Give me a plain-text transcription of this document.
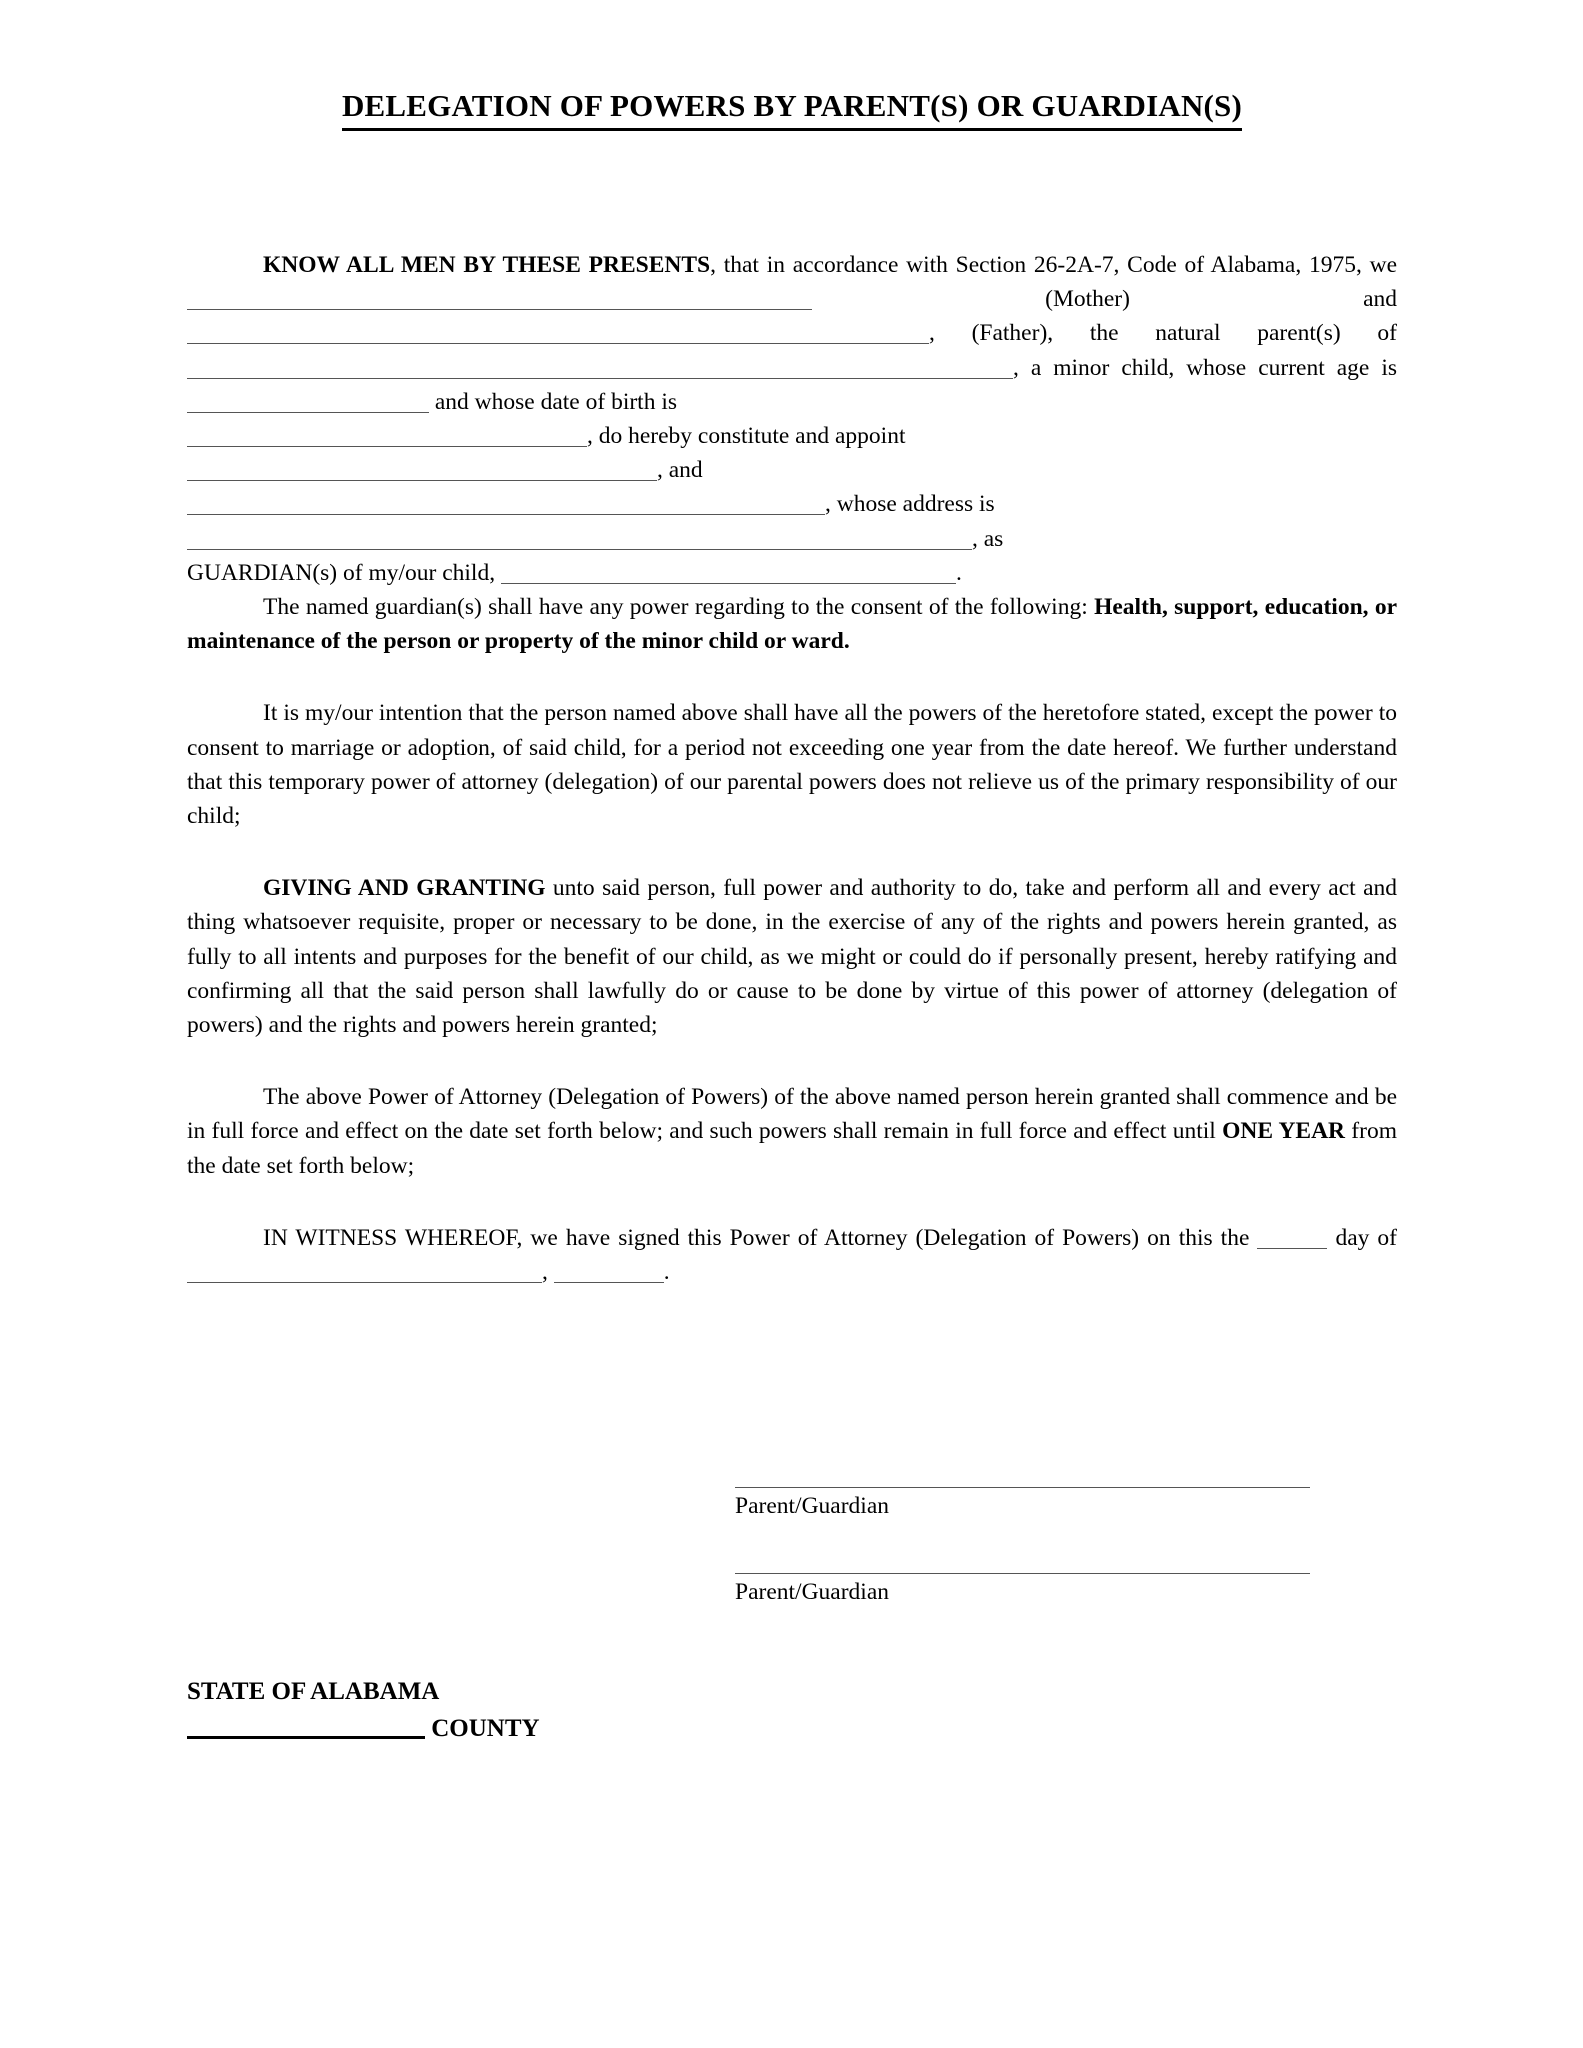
DELEGATION OF POWERS BY PARENT(S) OR GUARDIAN(S)

KNOW ALL MEN BY THESE PRESENTS, that in accordance with Section 26-2A-7, Code of Alabama, 1975, we  (Mother) and , (Father), the natural parent(s) of , a minor child, whose current age is  and whose date of birth is

, do hereby constitute and appoint

, and

, whose address is

, as

GUARDIAN(s) of my/our child,	.

The named guardian(s) shall have any power regarding to the consent of the following: Health, support, education, or maintenance of the person or property of the minor child or ward.

It is my/our intention that the person named above shall have all the powers of the heretofore stated, except the power to consent to marriage or adoption, of said child, for a period not exceeding one year from the date hereof. We further understand that this temporary power of attorney (delegation) of our parental powers does not relieve us of the primary responsibility of our child;

GIVING AND GRANTING unto said person, full power and authority to do, take and perform all and every act and thing whatsoever requisite, proper or necessary to be done, in the exercise of any of the rights and powers herein granted, as fully to all intents and purposes for the benefit of our child, as we might or could do if personally present, hereby ratifying and confirming all that the said person shall lawfully do or cause to be done by virtue of this power of attorney (delegation of powers) and the rights and powers herein granted;

The above Power of Attorney (Delegation of Powers) of the above named person herein granted shall commence and be in full force and effect on the date set forth below; and such powers shall remain in full force and effect until ONE YEAR from the date set forth below;

IN WITNESS WHEREOF, we have signed this Power of Attorney (Delegation of Powers) on this the	day of ,	.

Parent/Guardian

Parent/Guardian

STATE OF ALABAMA
COUNTY
